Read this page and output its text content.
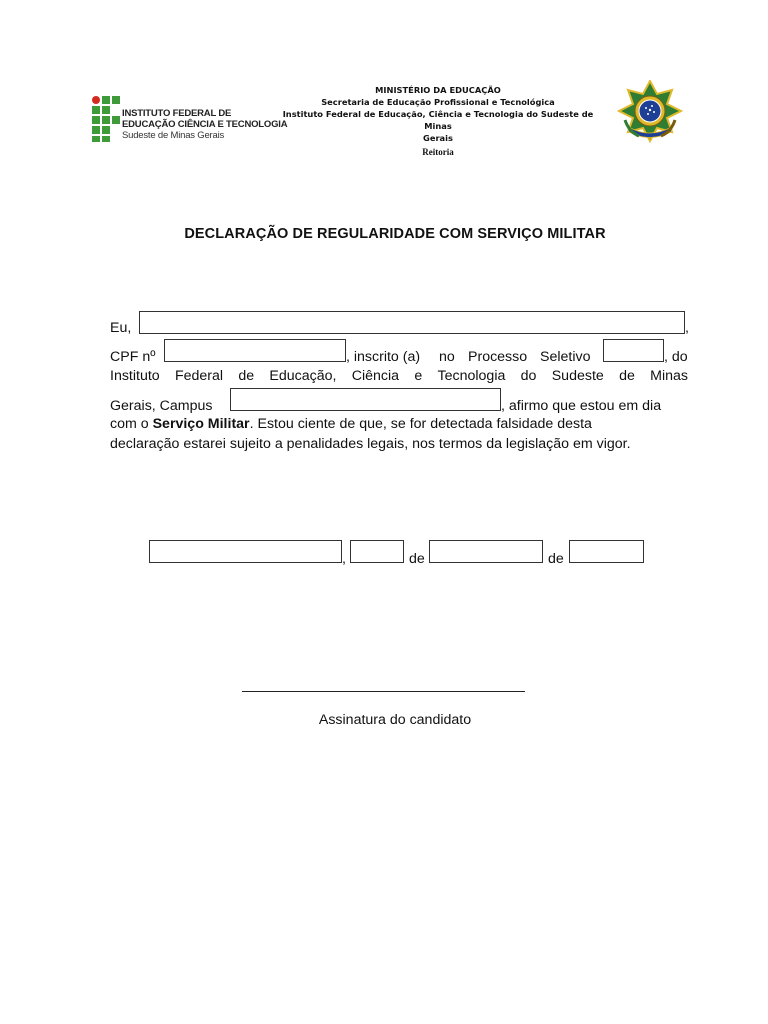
INSTITUTO FEDERAL DE
EDUCAÇÃO CIÊNCIA E TECNOLOGIA
Sudeste de Minas Gerais
MINISTÉRIO DA EDUCAÇÃO
Secretaria de Educação Profissional e Tecnológica
Instituto Federal de Educação, Ciência e Tecnologia do Sudeste de Minas
Gerais
Reitoria
DECLARAÇÃO DE REGULARIDADE COM SERVIÇO MILITAR
Eu,	,
CPF nº	, inscrito (a) no Processo Seletivo	, do
Instituto Federal de Educação, Ciência e Tecnologia do Sudeste de Minas
Gerais, Campus	, afirmo que estou em dia
com o Serviço Militar. Estou ciente de que, se for detectada falsidade desta
declaração estarei sujeito a penalidades legais, nos termos da legislação em vigor.
,	de	de
Assinatura do candidato
